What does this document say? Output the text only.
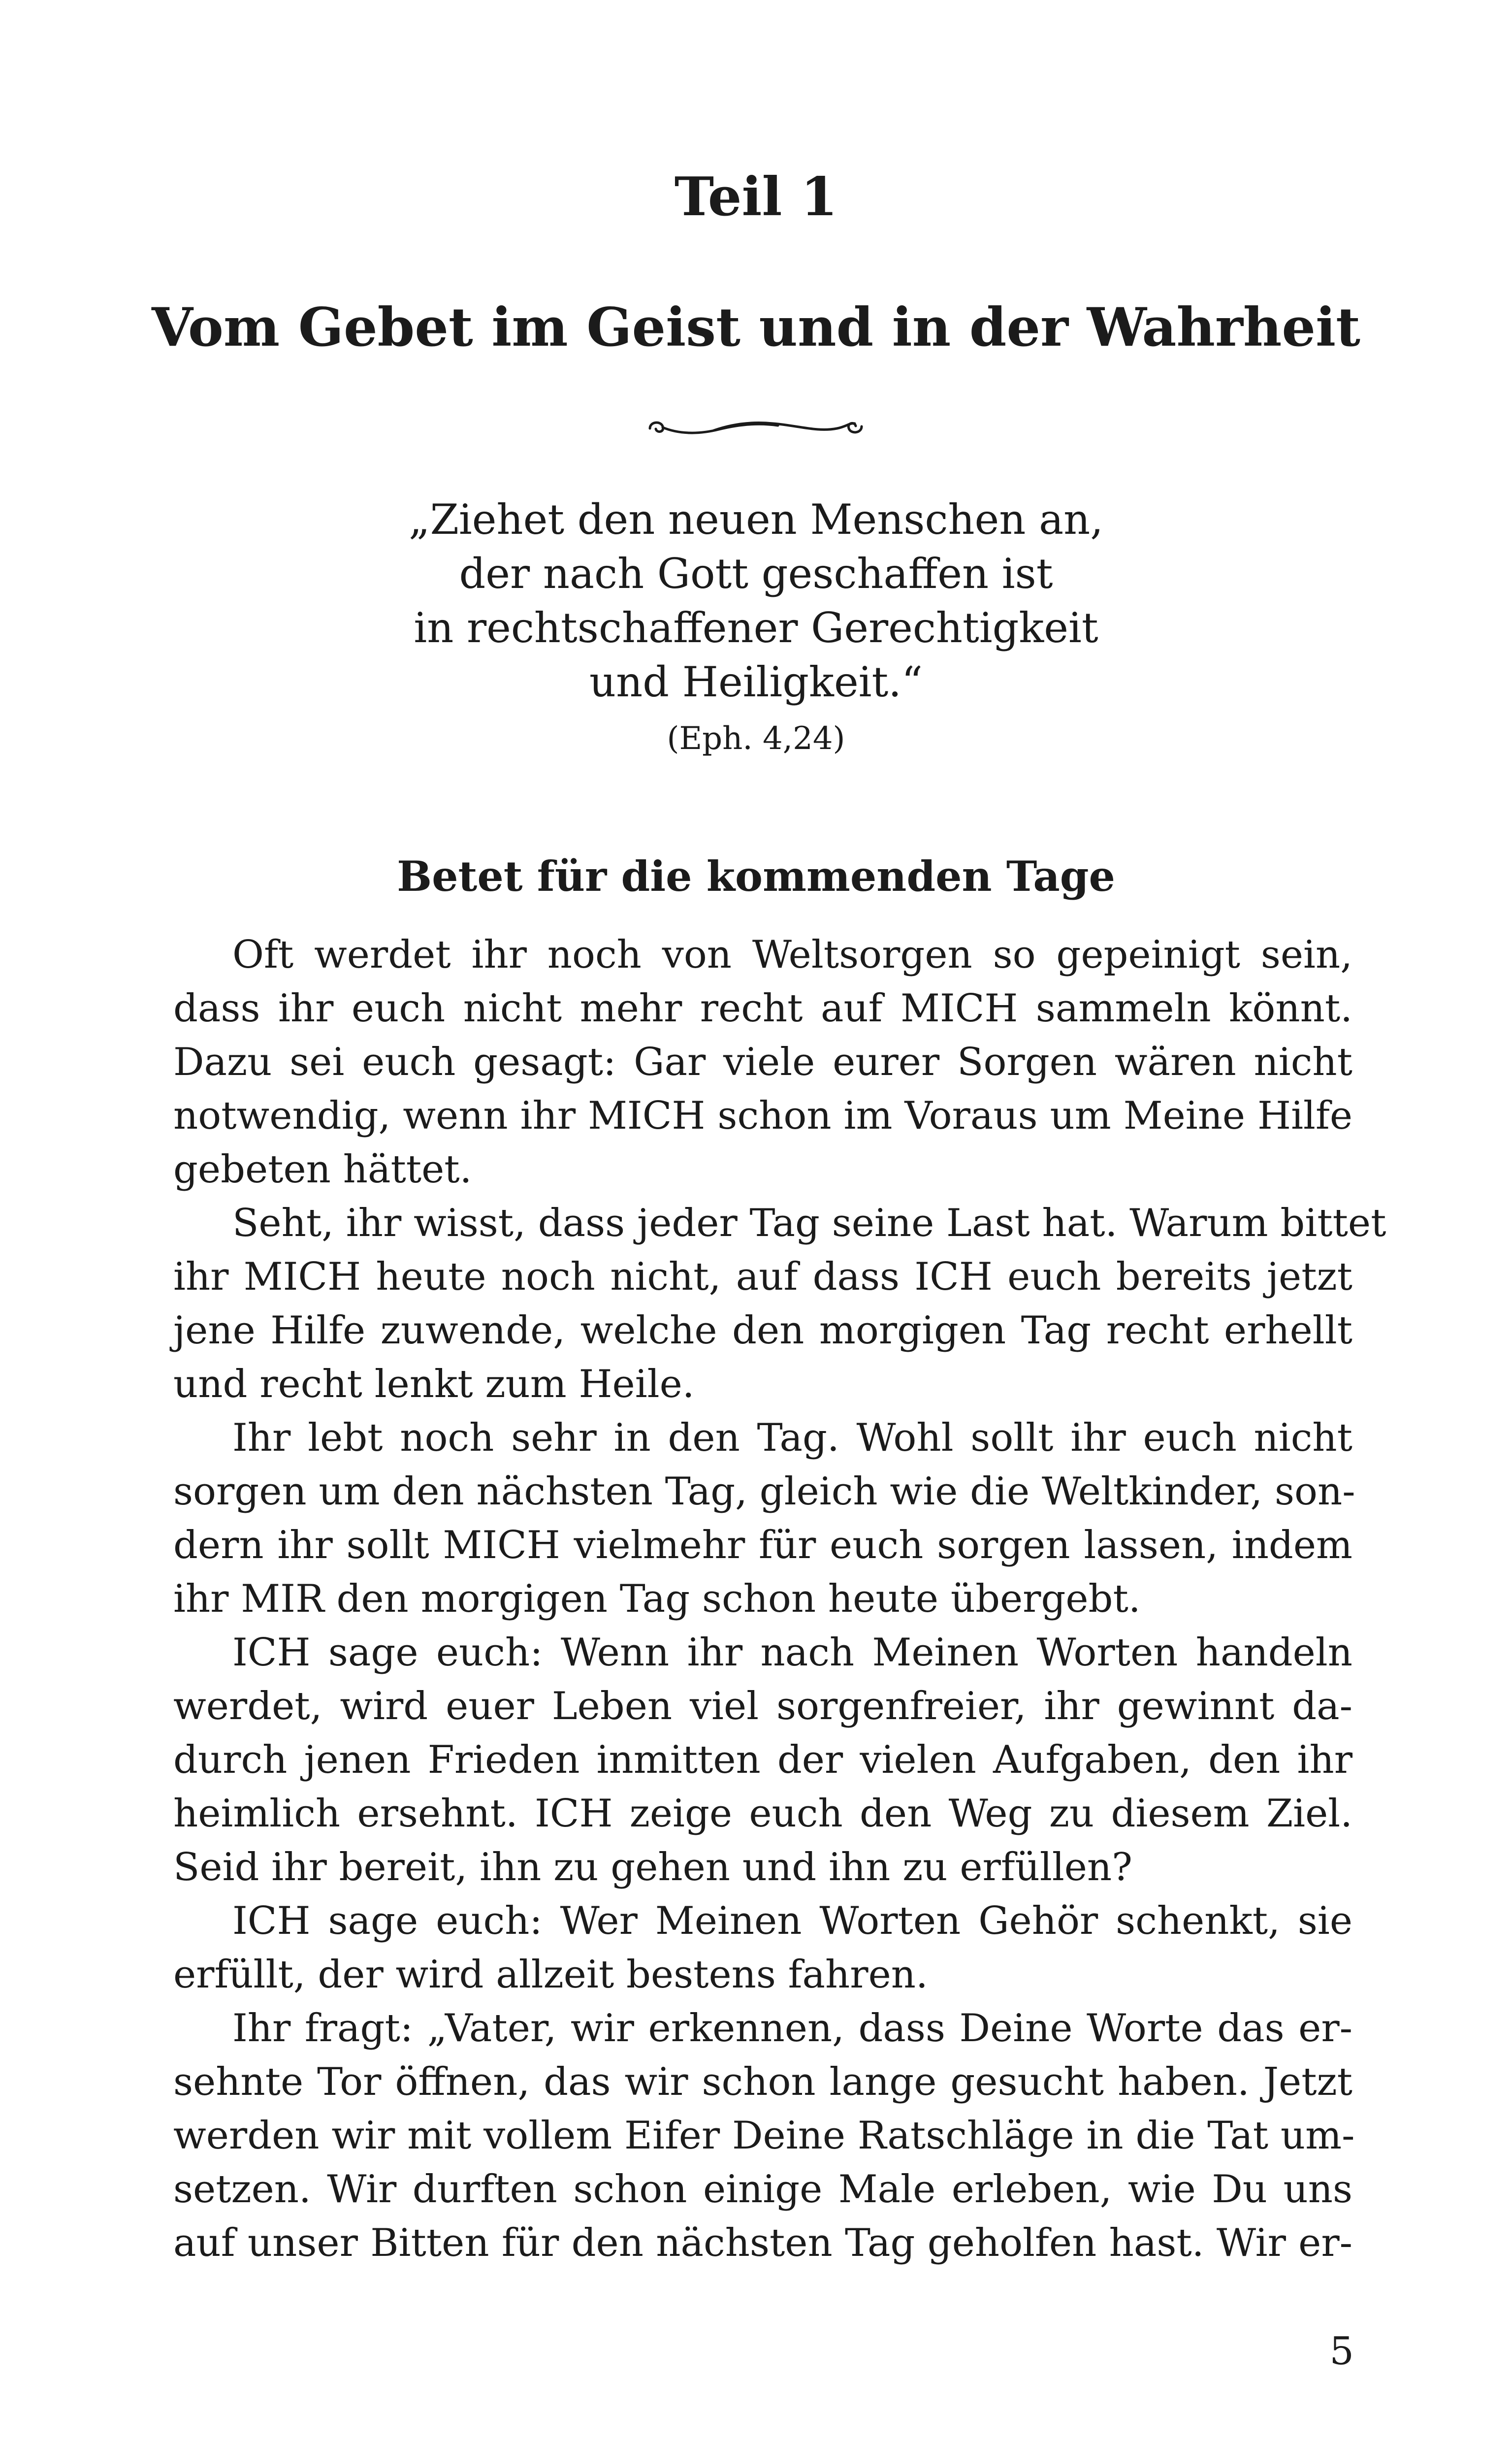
Teil 1
Vom Gebet im Geist und in der Wahrheit
„Ziehet den neuen Menschen an,
der nach Gott geschaffen ist
in rechtschaffener Gerechtigkeit
und Heiligkeit.“
(Eph. 4,24)
Betet für die kommenden Tage
Oft werdet ihr noch von Weltsorgen so gepeinigt sein,
dass ihr euch nicht mehr recht auf MICH sammeln könnt.
Dazu sei euch gesagt: Gar viele eurer Sorgen wären nicht
notwendig, wenn ihr MICH schon im Voraus um Meine Hilfe
gebeten hättet.
Seht, ihr wisst, dass jeder Tag seine Last hat. Warum bittet
ihr MICH heute noch nicht, auf dass ICH euch bereits jetzt
jene Hilfe zuwende, welche den morgigen Tag recht erhellt
und recht lenkt zum Heile.
Ihr lebt noch sehr in den Tag. Wohl sollt ihr euch nicht
sorgen um den nächsten Tag, gleich wie die Weltkinder, son-
dern ihr sollt MICH vielmehr für euch sorgen lassen, indem
ihr MIR den morgigen Tag schon heute übergebt.
ICH sage euch: Wenn ihr nach Meinen Worten handeln
werdet, wird euer Leben viel sorgenfreier, ihr gewinnt da-
durch jenen Frieden inmitten der vielen Aufgaben, den ihr
heimlich ersehnt. ICH zeige euch den Weg zu diesem Ziel.
Seid ihr bereit, ihn zu gehen und ihn zu erfüllen?
ICH sage euch: Wer Meinen Worten Gehör schenkt, sie
erfüllt, der wird allzeit bestens fahren.
Ihr fragt: „Vater, wir erkennen, dass Deine Worte das er-
sehnte Tor öffnen, das wir schon lange gesucht haben. Jetzt
werden wir mit vollem Eifer Deine Ratschläge in die Tat um-
setzen. Wir durften schon einige Male erleben, wie Du uns
auf unser Bitten für den nächsten Tag geholfen hast. Wir er-
5
